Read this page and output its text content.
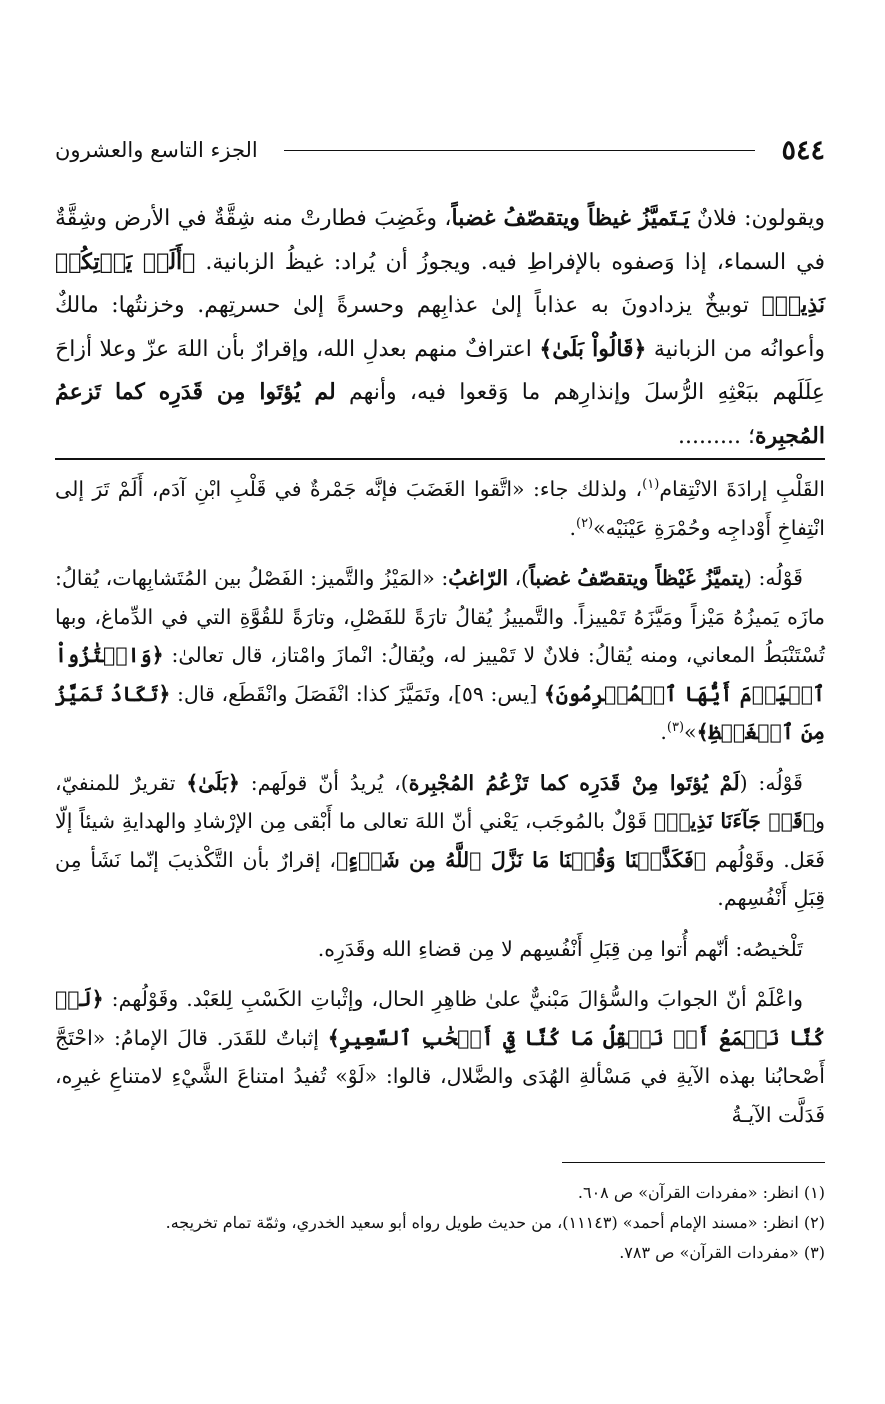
٥٤٤
الجزء التاسع والعشرون
ويقولون: فلانٌ يَـتَميَّزُ غيظاً ويتقصّفُ غضباً، وغَضِبَ فطارتْ منه شِقَّةٌ في الأرض وشِقَّةٌ في السماء، إذا وَصفوه بالإفراطِ فيه. ويجوزُ أن يُراد: غيظُ الزبانية. ﴿أَلَمۡ يَأۡتِكُمۡ نَذِيرٞ﴾ توبيخٌ يزدادونَ به عذاباً إلىٰ عذابِهم وحسرةً إلىٰ حسرتِهم. وخزنتُها: مالكٌ وأعوانُه من الزبانية ﴿قَالُواْ بَلَىٰ﴾ اعترافٌ منهم بعدلِ الله، وإقرارٌ بأن اللهَ عزّ وعلا أزاحَ عِلَلَهم ببَعْثِهِ الرُّسلَ وإنذارِهم ما وَقعوا فيه، وأنهم لم يُؤتَوا مِن قَدَرِه كما تَزعمُ المُجبِرة؛ .........

القَلْبِ إرادَةَ الانْتِقام$^{(١)}$، ولذلك جاء: «اتَّقوا الغَضَبَ فإنَّه جَمْرةٌ في قَلْبِ ابْنِ آدَم، أَلَمْ تَرَ إلى انْتِفاخِ أَوْداجِه وحُمْرَةِ عَيْنَيْه»$^{(٢)}$.

قَوْلُه: (يتميَّزُ غَيْظاً ويتقصّفُ غضباً)، الرّاغبُ: «المَيْزُ والتَّميز: الفَصْلُ بين المُتَشابِهات، يُقالُ: مازَه يَميزُهُ مَيْزاً ومَيَّزَهُ تَمْييزاً. والتَّمييزُ يُقالُ تارَةً للفَصْلِ، وتارَةً للقُوَّةِ التي في الدِّماغ، وبها تُسْتَنْبَطُ المعاني، ومنه يُقالُ: فلانٌ لا تَمْييز له، ويُقالُ: انْمازَ وامْتاز، قال تعالىٰ: ﴿وَامۡتَٰزُواْ ٱلۡيَوۡمَ أَيُّهَا ٱلۡمُجۡرِمُونَ﴾ [يس: ٥٩]، وتَمَيَّزَ كذا: انْفَصَلَ وانْقَطَع، قال: ﴿تَكَادُ تَمَيَّزُ مِنَ ٱلۡغَيۡظِ﴾»$^{(٣)}$.

قَوْلُه: (لَمْ يُؤتَوا مِنْ قَدَرِه كما تَزْعُمُ المُجْبِرة)، يُريدُ أنّ قولَهم: ﴿بَلَىٰ﴾ تقريرٌ للمنفيّ، و﴿قَدۡ جَآءَنَا نَذِيرٞ﴾ قَوْلٌ بالمُوجَب، يَعْني أنّ اللهَ تعالى ما أَبْقى مِن الإرْشادِ والهدايةِ شيئاً إلّا فَعَل. وقَوْلُهم ﴿فَكَذَّبۡنَا وَقُلۡنَا مَا نَزَّلَ ٱللَّهُ مِن شَيۡءٍ﴾، إقرارٌ بأن التَّكْذيبَ إنّما نَشَأ مِن قِبَلِ أَنْفُسِهم.

تَلْخيصُه: أنّهم أُتوا مِن قِبَلِ أَنْفُسِهم لا مِن قضاءِ الله وقَدَرِه.

واعْلَمْ أنّ الجوابَ والسُّؤالَ مَبْنيٌّ علىٰ ظاهِرِ الحال، وإثْباتِ الكَسْبِ لِلعَبْد. وقَوْلُهم: ﴿لَوۡ كُنَّا نَسۡمَعُ أَوۡ نَعۡقِلُ مَا كُنَّا فِيٓ أَصۡحَٰبِ ٱلسَّعِيرِ﴾ إثباتٌ للقَدَر. قالَ الإمامُ: «احْتَجَّ أَصْحابُنا بهذه الآيةِ في مَسْألةِ الهُدَى والضَّلال، قالوا: «لَوْ» تُفيدُ امتناعَ الشَّيْءِ لامتناعِ غيرِه، فَدَلَّت الآيـةُ

(١) انظر: «مفردات القرآن» ص ٦٠٨.
(٢) انظر: «مسند الإمام أحمد» (١١١٤٣)، من حديث طويل رواه أبو سعيد الخدري، وثمّة تمام تخريجه.
(٣) «مفردات القرآن» ص ٧٨٣.
